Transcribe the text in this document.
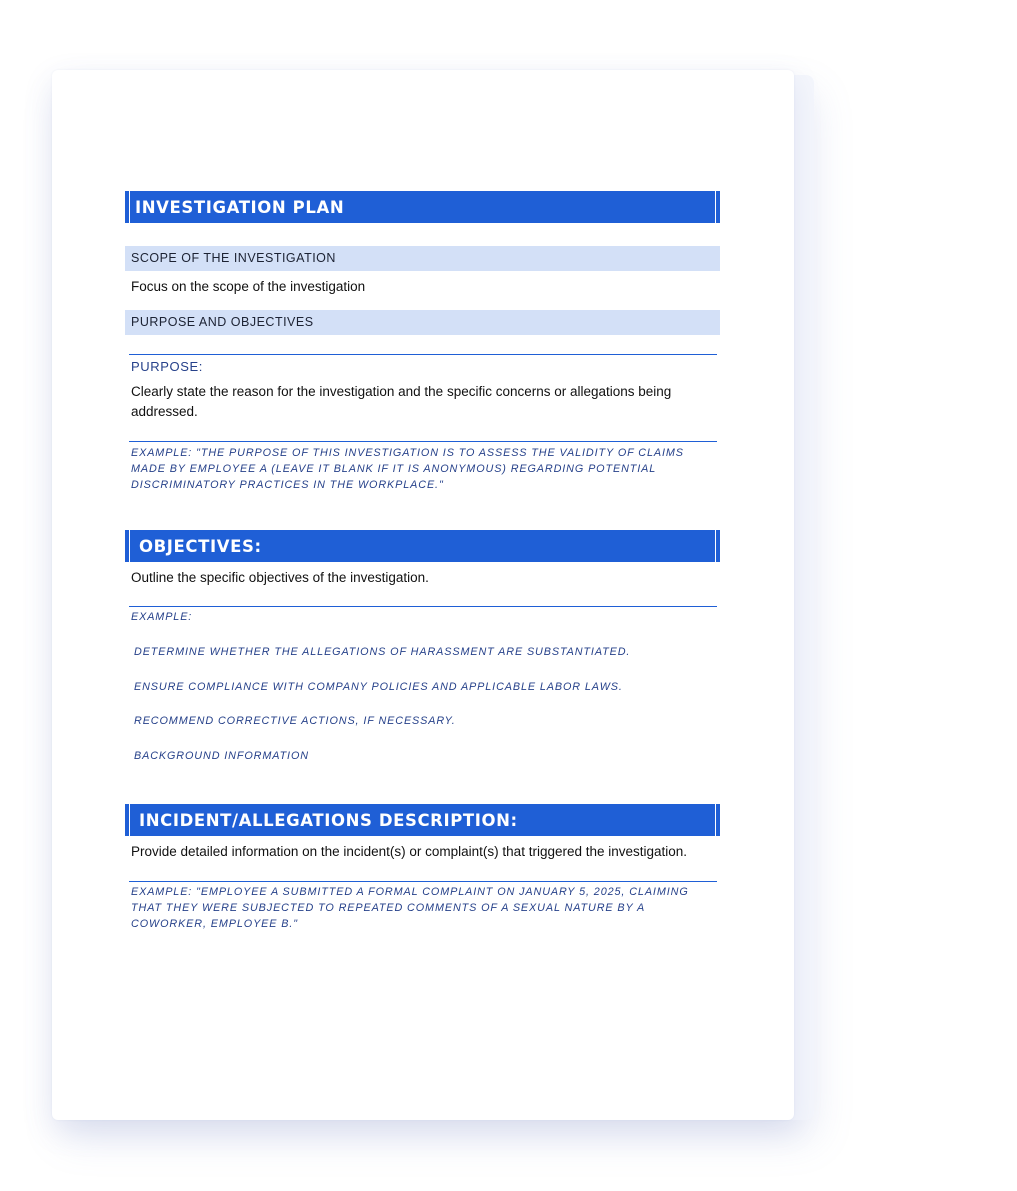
INVESTIGATION PLAN
SCOPE OF THE INVESTIGATION
Focus on the scope of the investigation
PURPOSE AND OBJECTIVES
PURPOSE:
Clearly state the reason for the investigation and the specific concerns or allegations being addressed.
EXAMPLE: "THE PURPOSE OF THIS INVESTIGATION IS TO ASSESS THE VALIDITY OF CLAIMS MADE BY EMPLOYEE A (LEAVE IT BLANK IF IT IS ANONYMOUS) REGARDING POTENTIAL DISCRIMINATORY PRACTICES IN THE WORKPLACE."
OBJECTIVES:
Outline the specific objectives of the investigation.
EXAMPLE:
DETERMINE WHETHER THE ALLEGATIONS OF HARASSMENT ARE SUBSTANTIATED.
ENSURE COMPLIANCE WITH COMPANY POLICIES AND APPLICABLE LABOR LAWS.
RECOMMEND CORRECTIVE ACTIONS, IF NECESSARY.
BACKGROUND INFORMATION
INCIDENT/ALLEGATIONS DESCRIPTION:
Provide detailed information on the incident(s) or complaint(s) that triggered the investigation.
EXAMPLE: "EMPLOYEE A SUBMITTED A FORMAL COMPLAINT ON JANUARY 5, 2025, CLAIMING THAT THEY WERE SUBJECTED TO REPEATED COMMENTS OF A SEXUAL NATURE BY A COWORKER, EMPLOYEE B."
